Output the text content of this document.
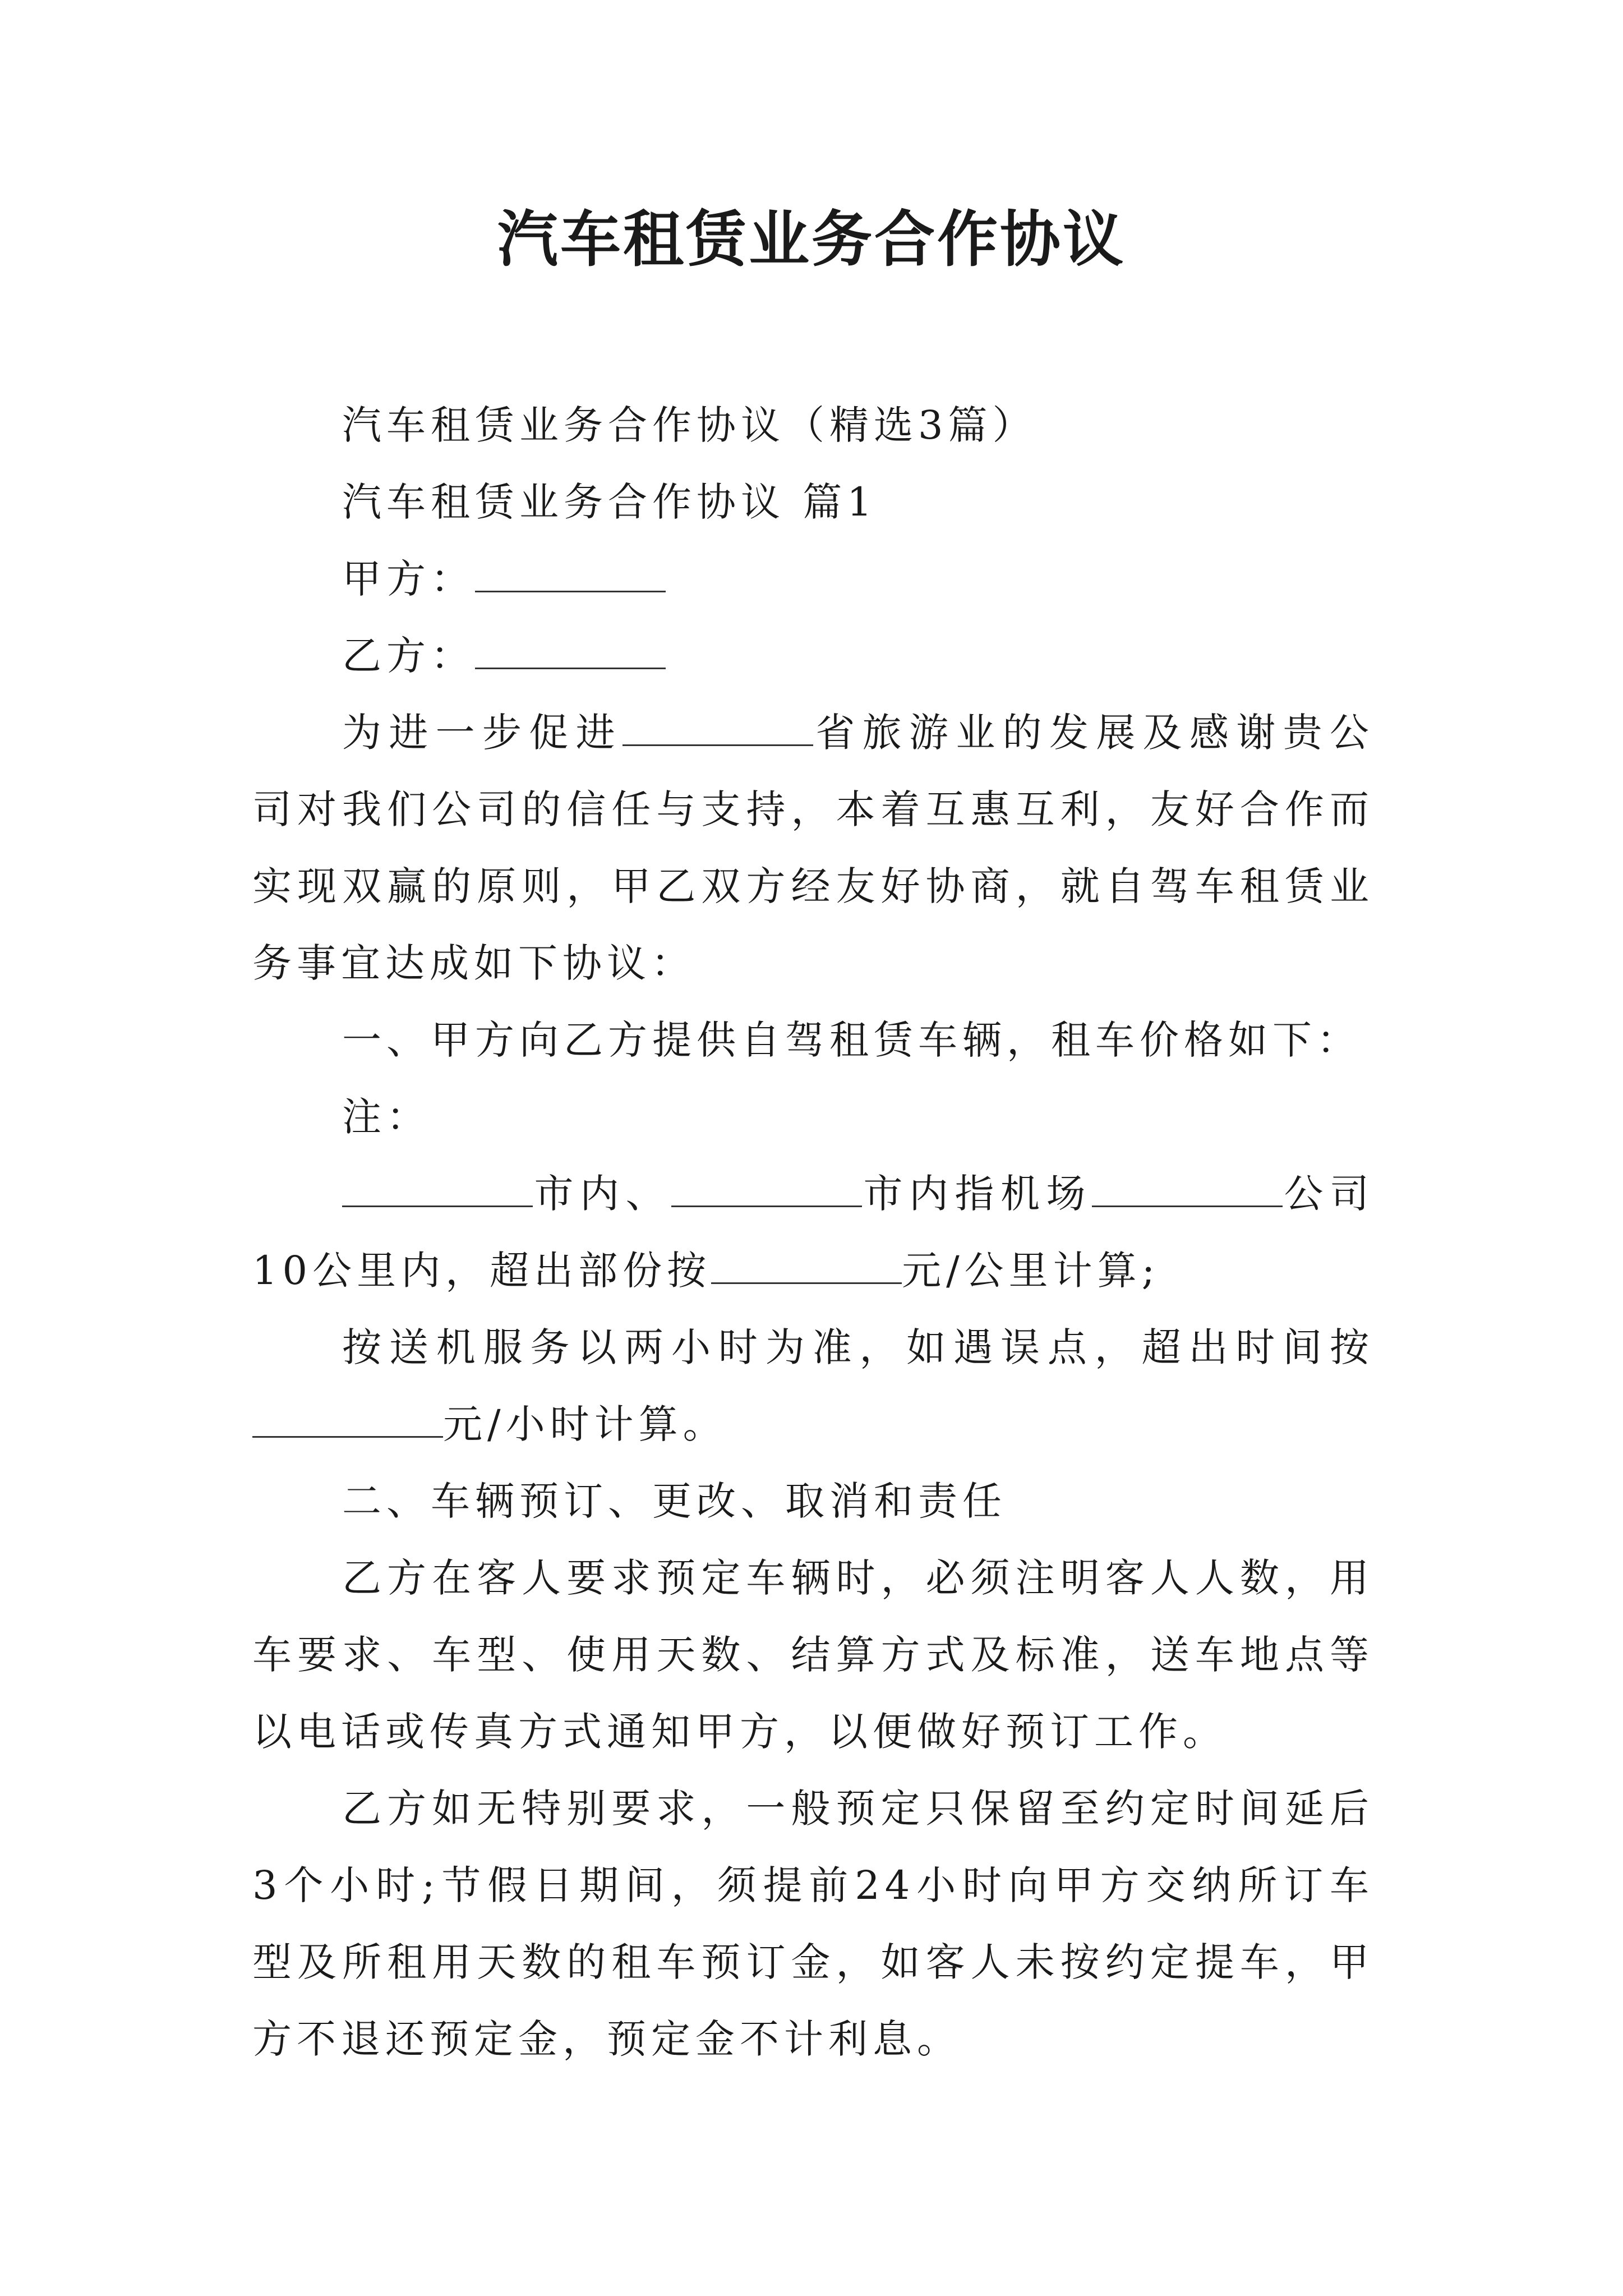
汽车租赁业务合作协议

汽车租赁业务合作协议（精选3篇）

汽车租赁业务合作协议 篇1

甲方：

乙方：

为进一步促进	省旅游业的发展及感谢贵公司对我们公司的信任与支持，本着互惠互利，友好合作而实现双赢的原则，甲乙双方经友好协商，就自驾车租赁业务事宜达成如下协议：

一、甲方向乙方提供自驾租赁车辆，租车价格如下：

注：

市内、	市内指机场	公司10公里内，超出部份按	元/公里计算;

按送机服务以两小时为准，如遇误点，超出时间按元/小时计算。

二、车辆预订、更改、取消和责任

乙方在客人要求预定车辆时，必须注明客人人数，用车要求、车型、使用天数、结算方式及标准，送车地点等以电话或传真方式通知甲方，以便做好预订工作。

乙方如无特别要求，一般预定只保留至约定时间延后3个小时;节假日期间，须提前24小时向甲方交纳所订车型及所租用天数的租车预订金，如客人未按约定提车，甲方不退还预定金，预定金不计利息。
